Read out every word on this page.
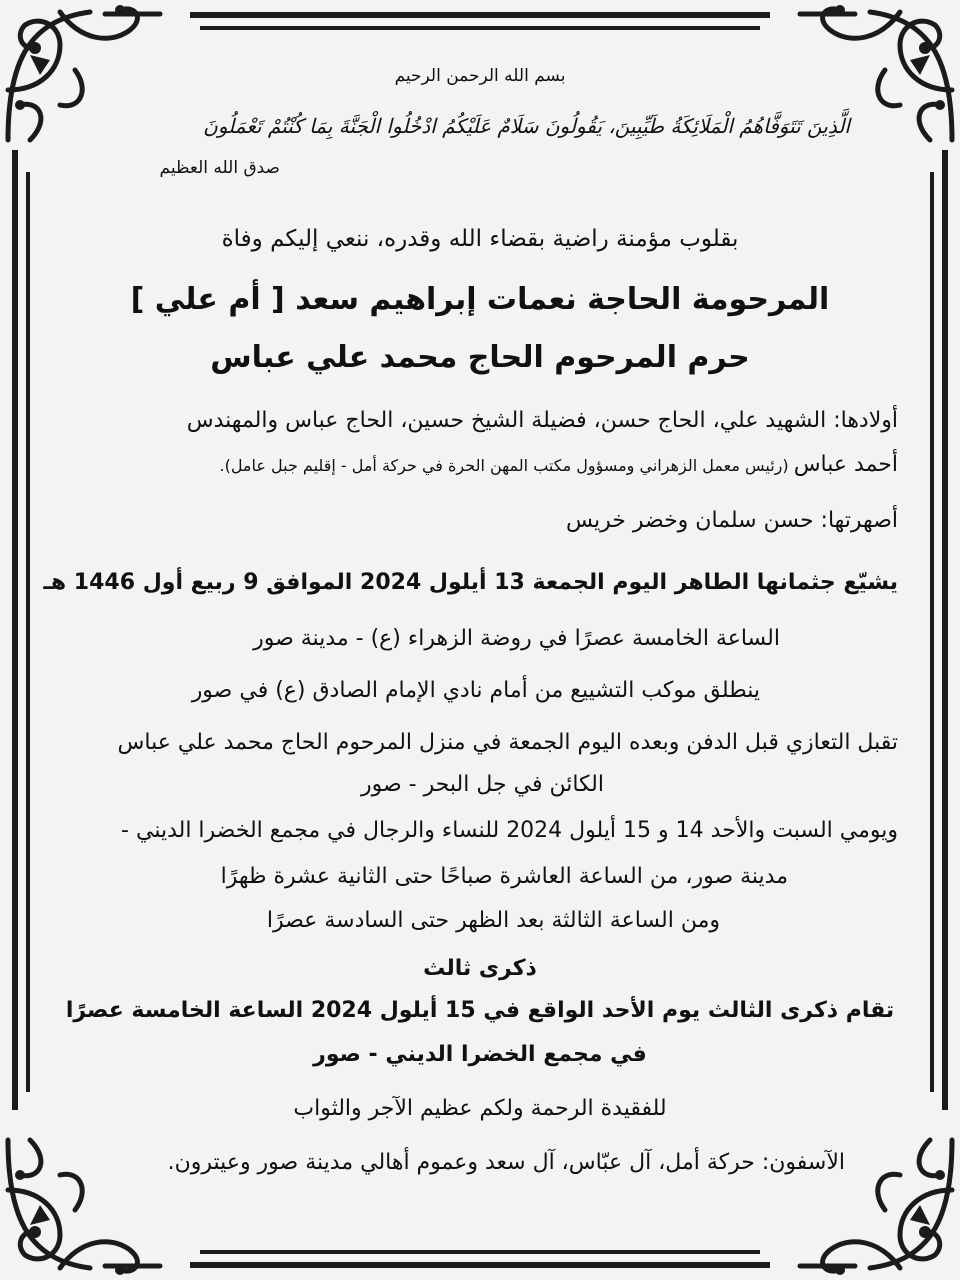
بسم الله الرحمن الرحيم
الَّذِينَ تَتَوَفَّاهُمُ الْمَلَائِكَةُ طَيِّبِينَ، يَقُولُونَ سَلَامٌ عَلَيْكُمُ ادْخُلُوا الْجَنَّةَ بِمَا كُنْتُمْ تَعْمَلُونَ
صدق الله العظيم
بقلوب مؤمنة راضية بقضاء الله وقدره، ننعي إليكم وفاة
المرحومة الحاجة نعمات إبراهيم سعد [ أم علي ]
حرم المرحوم الحاج محمد علي عباس
أولادها: الشهيد علي، الحاج حسن، فضيلة الشيخ حسين، الحاج عباس والمهندس
أحمد عباس (رئيس معمل الزهراني ومسؤول مكتب المهن الحرة في حركة أمل - إقليم جبل عامل).
أصهرتها: حسن سلمان وخضر خريس
يشيّع جثمانها الطاهر اليوم الجمعة 13 أيلول 2024 الموافق 9 ربيع أول 1446 هـ
الساعة الخامسة عصرًا في روضة الزهراء (ع) - مدينة صور
ينطلق موكب التشييع من أمام نادي الإمام الصادق (ع) في صور
تقبل التعازي قبل الدفن وبعده اليوم الجمعة في منزل المرحوم الحاج محمد علي عباس
الكائن في جل البحر - صور
ويومي السبت والأحد 14 و 15 أيلول 2024 للنساء والرجال في مجمع الخضرا الديني -
مدينة صور، من الساعة العاشرة صباحًا حتى الثانية عشرة ظهرًا
ومن الساعة الثالثة بعد الظهر حتى السادسة عصرًا
ذكرى ثالث
تقام ذكرى الثالث يوم الأحد الواقع في 15 أيلول 2024 الساعة الخامسة عصرًا
في مجمع الخضرا الديني - صور
للفقيدة الرحمة ولكم عظيم الآجر والثواب
الآسفون: حركة أمل، آل عبّاس، آل سعد وعموم أهالي مدينة صور وعيترون.
